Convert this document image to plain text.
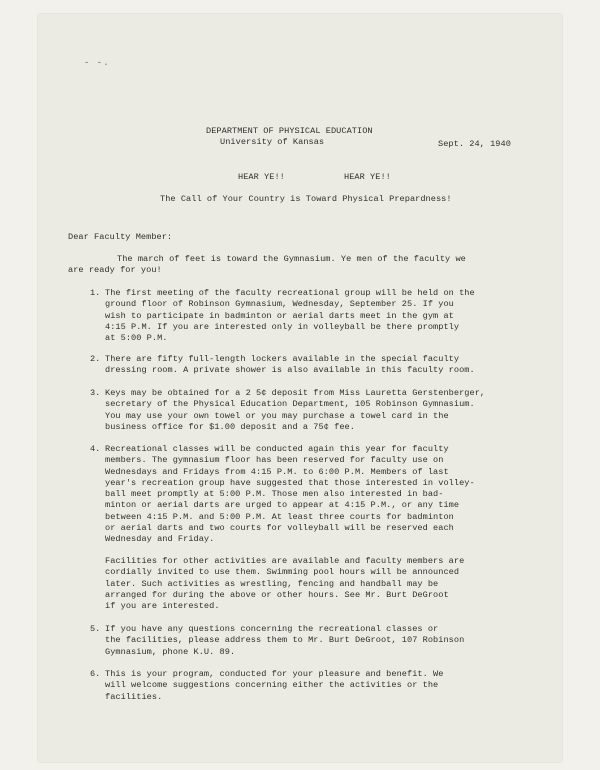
- -.
DEPARTMENT OF PHYSICAL EDUCATION
University of Kansas	Sept. 24, 1940
HEAR YE!!	HEAR YE!!
The Call of Your Country is Toward Physical Prepardness!
Dear Faculty Member:
The march of feet is toward the Gymnasium. Ye men of the faculty we
are ready for you!
1. The first meeting of the faculty recreational group will be held on the
ground floor of Robinson Gymnasium, Wednesday, September 25. If you
wish to participate in badminton or aerial darts meet in the gym at
4:15 P.M. If you are interested only in volleyball be there promptly
at 5:00 P.M.
2. There are fifty full-length lockers available in the special faculty
dressing room. A private shower is also available in this faculty room.
3. Keys may be obtained for a 2 5¢ deposit from Miss Lauretta Gerstenberger,
secretary of the Physical Education Department, 105 Robinson Gymnasium.
You may use your own towel or you may purchase a towel card in the
business office for $1.00 deposit and a 75¢ fee.
4. Recreational classes will be conducted again this year for faculty
members. The gymnasium floor has been reserved for faculty use on
Wednesdays and Fridays from 4:15 P.M. to 6:00 P.M. Members of last
year's recreation group have suggested that those interested in volley-
ball meet promptly at 5:00 P.M. Those men also interested in bad-
minton or aerial darts are urged to appear at 4:15 P.M., or any time
between 4:15 P.M. and 5:00 P.M. At least three courts for badminton
or aerial darts and two courts for volleyball will be reserved each
Wednesday and Friday.
Facilities for other activities are available and faculty members are
cordially invited to use them. Swimming pool hours will be announced
later. Such activities as wrestling, fencing and handball may be
arranged for during the above or other hours. See Mr. Burt DeGroot
if you are interested.
5. If you have any questions concerning the recreational classes or
the facilities, please address them to Mr. Burt DeGroot, 107 Robinson
Gymnasium, phone K.U. 89.
6. This is your program, conducted for your pleasure and benefit. We
will welcome suggestions concerning either the activities or the
facilities.
